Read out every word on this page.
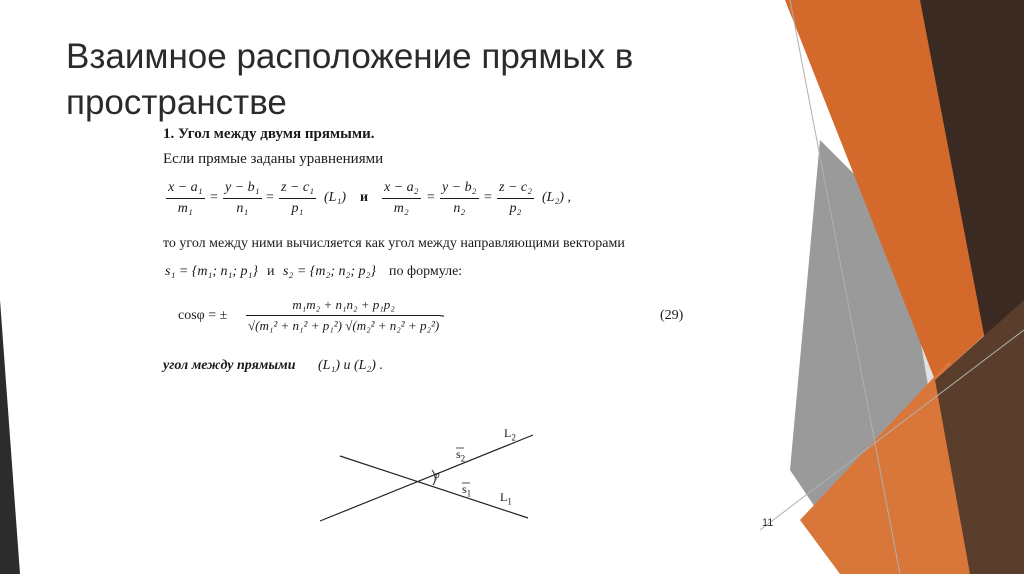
Взаимное расположение прямых в пространстве
1. Угол между двумя прямыми.
Если прямые заданы уравнениями
x − a₁
m₁
=
y − b₁
n₁
=
z − c₁
p₁
(L₁) и
x − a₂
m₂
=
y − b₂
n₂
=
z − c₂
p₂
(L₂) ,
то угол между ними вычисляется как угол между направляющими векторами
s₁ = {m₁; n₁; p₁} и s₂ = {m₂; n₂; p₂} по формуле:
cosφ = ±
m₁m₂ + n₁n₂ + p₁p₂
√(m₁² + n₁² + p₁²) √(m₂² + n₂² + p₂²)
-	(29)
угол между прямыми (L₁) и (L₂) .
$L_2$
$L_1$
$s_2$
$s_1$
φ
11
